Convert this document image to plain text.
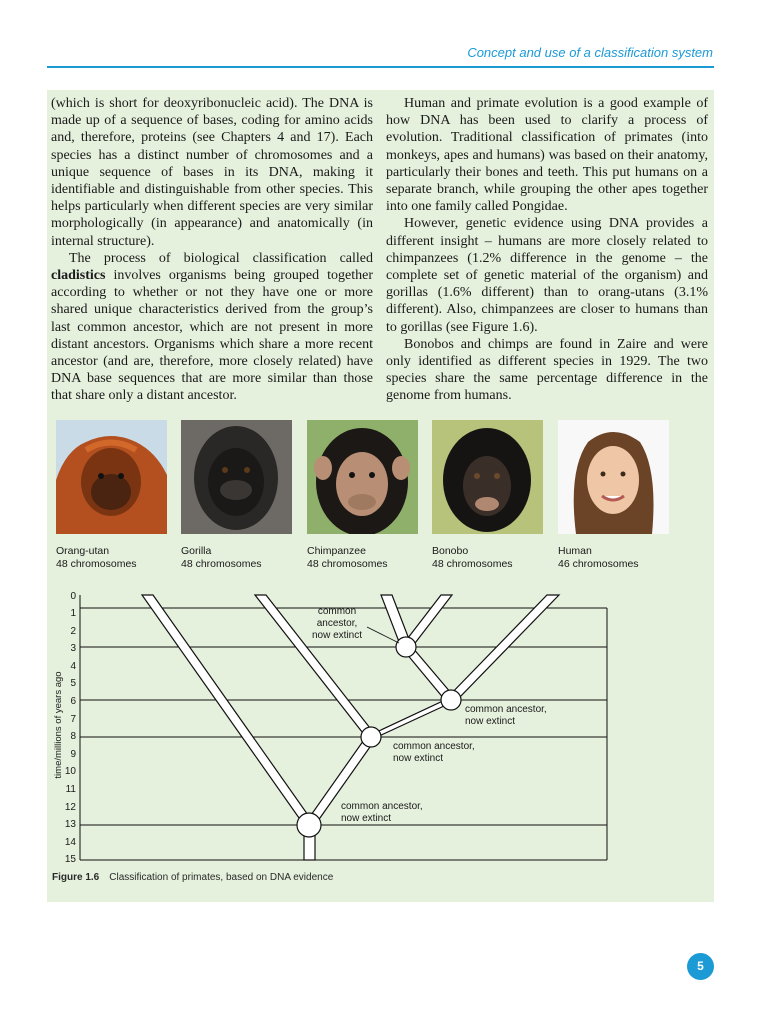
Concept and use of a classification system

(which is short for deoxyribonucleic acid). The DNA is made up of a sequence of bases, coding for amino acids and, therefore, proteins (see Chapters 4 and 17). Each species has a distinct number of chromosomes and a unique sequence of bases in its DNA, making it identifiable and distinguishable from other species. This helps particularly when different species are very similar morphologically (in appearance) and anatomically (in internal structure).

The process of biological classification called cladistics involves organisms being grouped together according to whether or not they have one or more shared unique characteristics derived from the group’s last common ancestor, which are not present in more distant ancestors. Organisms which share a more recent ancestor (and are, therefore, more closely related) have DNA base sequences that are more similar than those that share only a distant ancestor.

Human and primate evolution is a good example of how DNA has been used to clarify a process of evolution. Traditional classification of primates (into monkeys, apes and humans) was based on their anatomy, particularly their bones and teeth. This put humans on a separate branch, while grouping the other apes together into one family called Pongidae.

However, genetic evidence using DNA provides a different insight – humans are more closely related to chimpanzees (1.2% difference in the genome – the complete set of genetic material of the organism) and gorillas (1.6% different) than to orang-utans (3.1% different). Also, chimpanzees are closer to humans than to gorillas (see Figure 1.6).

Bonobos and chimps are found in Zaire and were only identified as different species in 1929. The two species share the same percentage difference in the genome from humans.

Orang-utan
48 chromosomes
Gorilla
48 chromosomes
Chimpanzee
48 chromosomes
Bonobo
48 chromosomes
Human
46 chromosomes
time/millions of years ago
0
1
2
3
4
5
6
7
8
9
10
11
12
13
14
15
common
ancestor,
now extinct
common ancestor,
now extinct
common ancestor,
now extinct
common ancestor,
now extinct
Figure 1.6 Classification of primates, based on DNA evidence
5
